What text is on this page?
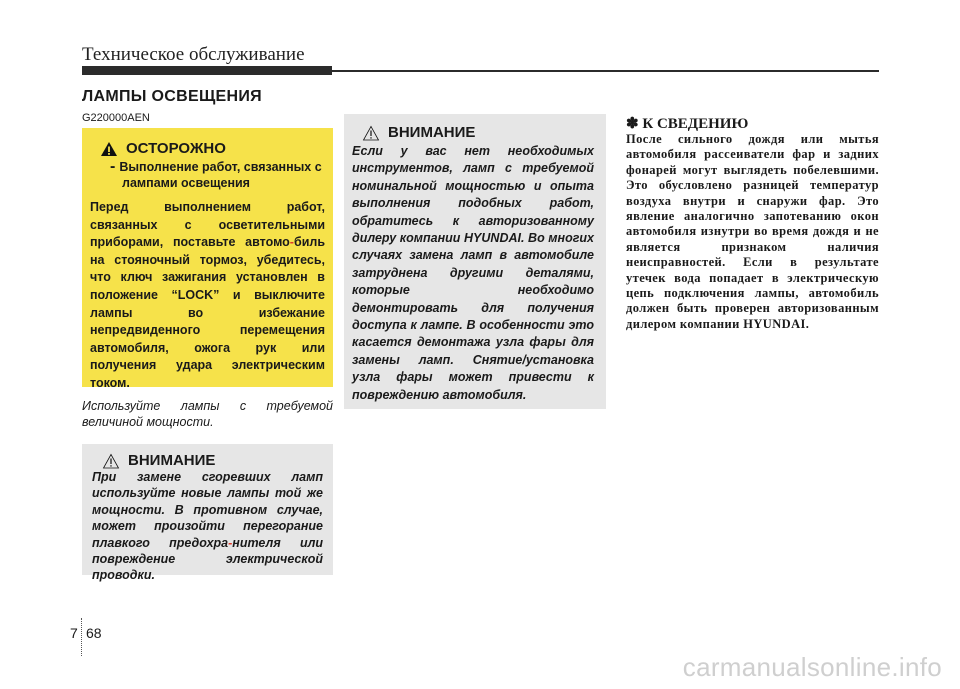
Техническое обслуживание
ЛАМПЫ ОСВЕЩЕНИЯ
G220000AEN
ОСТОРОЖНО
- Выполнение работ, связанных с лампами освещения
Перед выполнением работ, связанных с осветительными приборами, поставьте автомо-биль на стояночный тормоз, убедитесь, что ключ зажигания установлен в положение “LOCK” и выключите лампы во избежание непредвиденного перемещения автомобиля, ожога рук или получения удара электрическим током.
Используйте лампы с требуемой величиной мощности.
ВНИМАНИЕ
При замене сгоревших ламп используйте новые лампы той же мощности. В противном случае, может произойти перегорание плавкого предохра-нителя или повреждение электрической проводки.
ВНИМАНИЕ
Если у вас нет необходимых инструментов, ламп с требуемой номинальной мощностью и опыта выполнения подобных работ, обратитесь к авторизованному дилеру компании HYUNDAI. Во многих случаях замена ламп в автомобиле затруднена другими деталями, которые необходимо демонтировать для получения доступа к лампе. В особенности это касается демонтажа узла фары для замены ламп. Снятие/установка узла фары может привести к повреждению автомобиля.
✽ К СВЕДЕНИЮ
После сильного дождя или мытья автомобиля рассеиватели фар и задних фонарей могут выглядеть побелевшими. Это обусловлено разницей температур воздуха внутри и снаружи фар. Это явление аналогично запотеванию окон автомобиля изнутри во время дождя и не является признаком наличия неисправностей. Если в результате утечек вода попадает в электрическую цепь подключения лампы, автомобиль должен быть проверен авторизованным дилером компании HYUNDAI.
7 68
carmanualsonline.info
